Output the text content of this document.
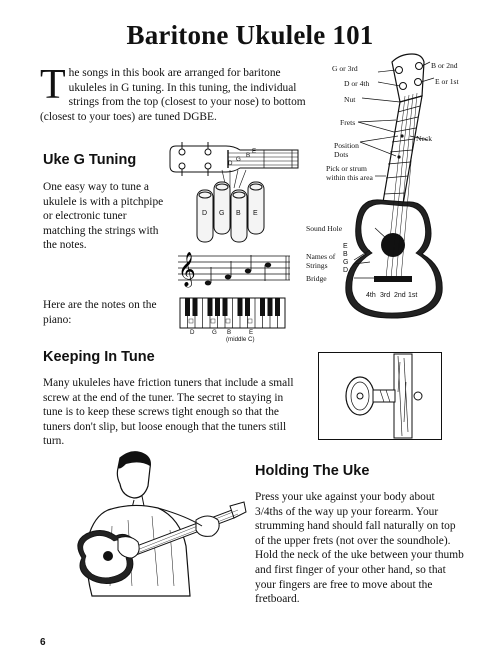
Baritone Ukulele 101
The songs in this book are arranged for baritone ukuleles in G tuning. In this tuning, the individual strings from the top (closest to your nose) to bottom (closest to your toes) are tuned DGBE.
Uke G Tuning
One easy way to tune a ukulele is with a pitchpipe or electronic tuner matching the strings with the notes.
E
B
G
D
D G B E
𝄞
Here are the notes on the piano:
D	G B	E
(middle C)
G or 3rd
D or 4th
B or 2nd
E or 1st
Nut
Frets
Neck
Position Dots
Pick or strum within this area
Sound Hole
Names of Strings
Bridge
E
B
G
D
4th 3rd 2nd 1st
Keeping In Tune
Many ukuleles have friction tuners that include a small screw at the end of the tuner. The secret to staying in tune is to keep these screws tight enough so that the tuners don't slip, but loose enough that the tuners still turn.
Holding The Uke
Press your uke against your body about 3/4ths of the way up your forearm. Your strumming hand should fall naturally on top of the upper frets (not over the soundhole). Hold the neck of the uke between your thumb and first finger of your other hand, so that your fingers are free to move about the fretboard.
6
